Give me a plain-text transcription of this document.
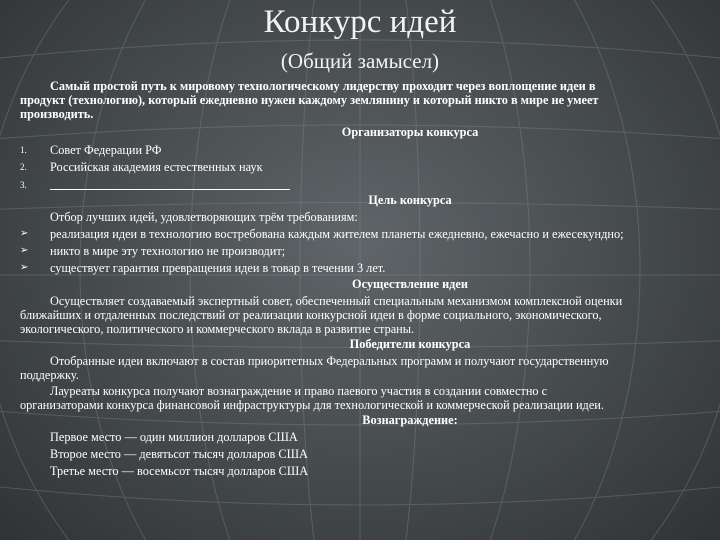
Конкурс идей
(Общий замысел)
Самый простой путь к мировому технологическому лидерству проходит через воплощение идеи в
продукт (технологию), который ежедневно нужен каждому землянину и который никто в мире не умеет
производить.
Организаторы конкурса
1. Совет Федерации РФ
2. Российская академия естественных наук
3.
Цель конкурса
Отбор лучших идей, удовлетворяющих трём требованиям:
➢ реализация идеи в технологию востребована каждым жителем планеты ежедневно, ежечасно и ежесекундно;
➢ никто в мире эту технологию не производит;
➢ существует гарантия превращения идеи в товар в течении 3 лет.
Осуществление идеи
Осуществляет создаваемый экспертный совет, обеспеченный специальным механизмом комплексной оценки
ближайших и отдаленных последствий от реализации конкурсной идеи в форме социального, экономического,
экологического, политического и коммерческого вклада в развитие страны.
Победители конкурса
Отобранные идеи включают в состав приоритетных Федеральных программ и получают государственную
поддержку.
Лауреаты конкурса получают вознаграждение и право паевого участия в создании совместно с
организаторами конкурса финансовой инфраструктуры для технологической и коммерческой реализации идеи.
Вознаграждение:
Первое место — один миллион долларов США
Второе место — девятьсот тысяч долларов США
Третье место — восемьсот тысяч долларов США
